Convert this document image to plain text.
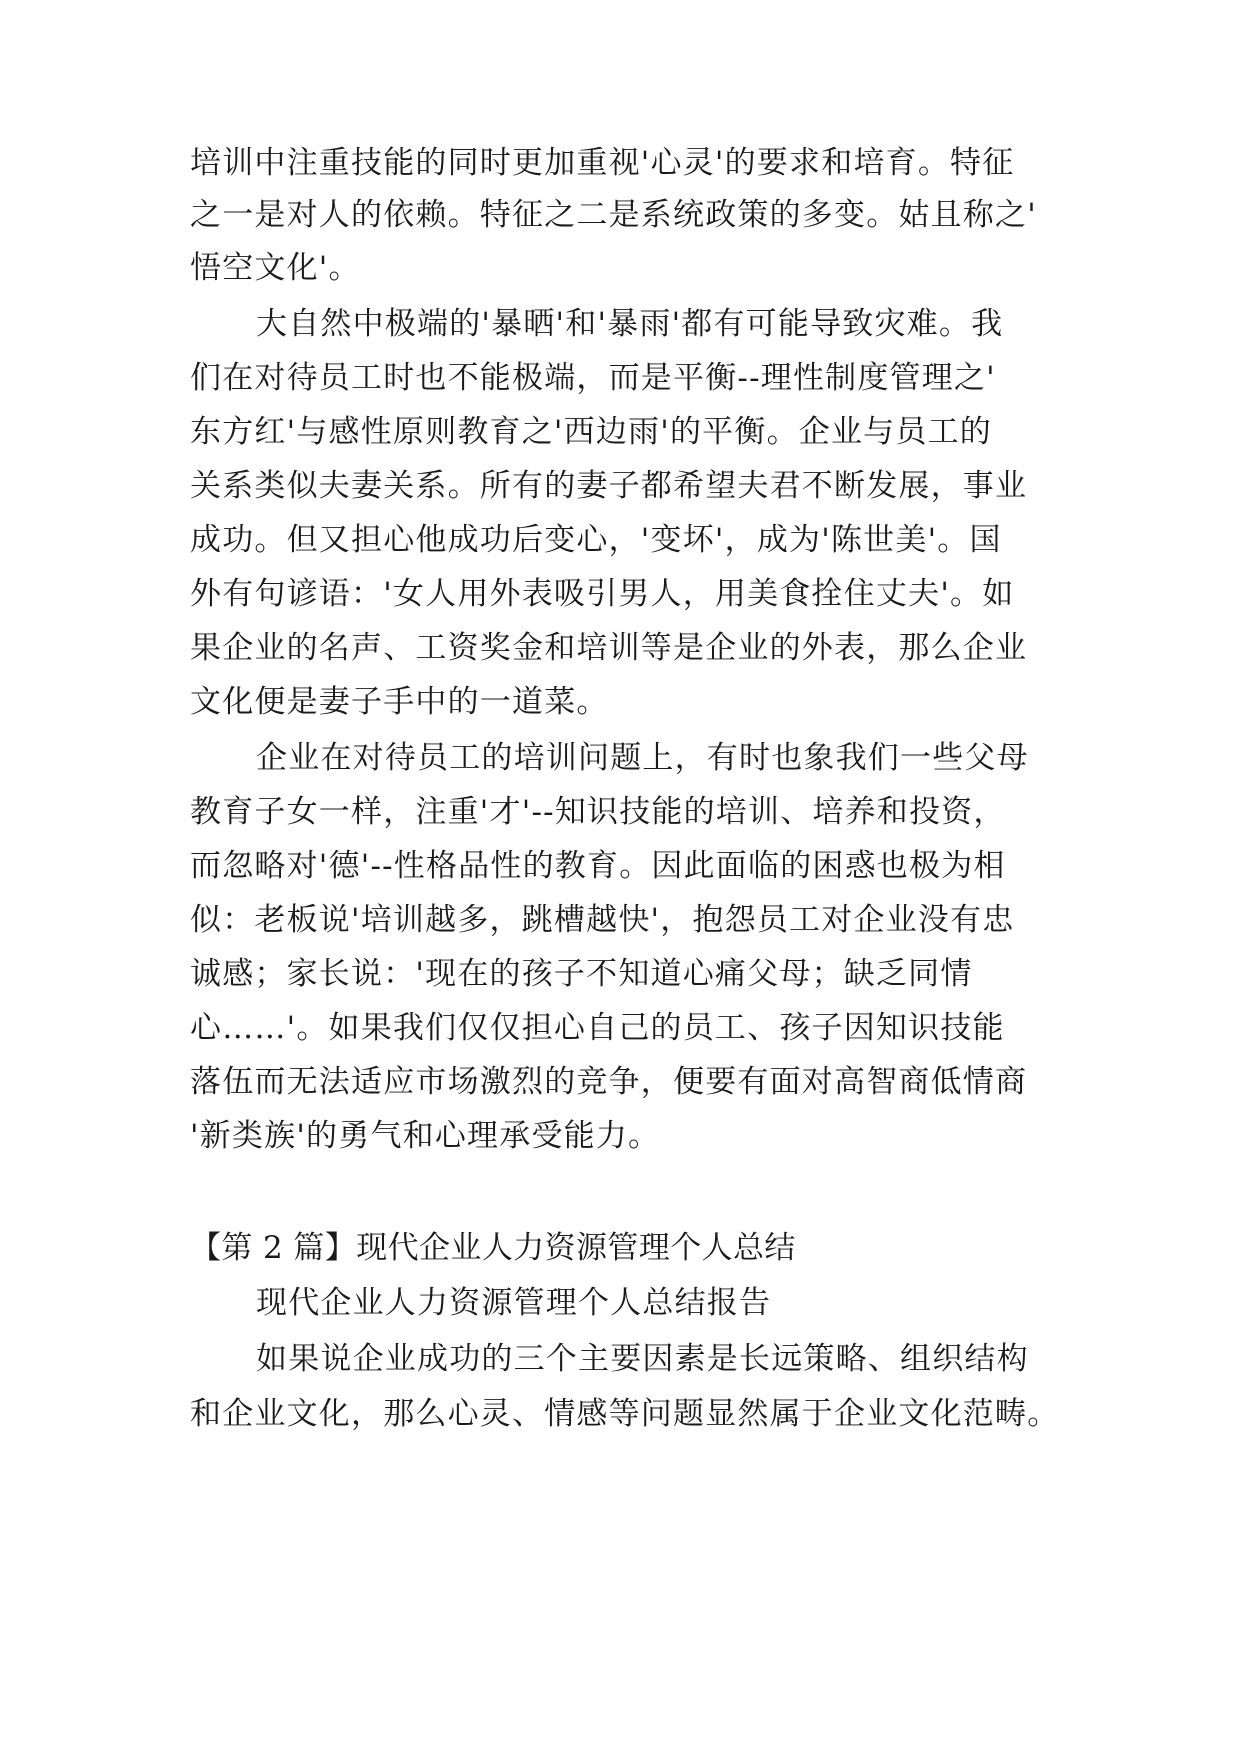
培训中注重技能的同时更加重视'心灵'的要求和培育。特征
之一是对人的依赖。特征之二是系统政策的多变。姑且称之'
悟空文化'。
大自然中极端的'暴晒'和'暴雨'都有可能导致灾难。我
们在对待员工时也不能极端，而是平衡--理性制度管理之'
东方红'与感性原则教育之'西边雨'的平衡。企业与员工的
关系类似夫妻关系。所有的妻子都希望夫君不断发展，事业
成功。但又担心他成功后变心，'变坏'，成为'陈世美'。国
外有句谚语：'女人用外表吸引男人，用美食拴住丈夫'。如
果企业的名声、工资奖金和培训等是企业的外表，那么企业
文化便是妻子手中的一道菜。
企业在对待员工的培训问题上，有时也象我们一些父母
教育子女一样，注重'才'--知识技能的培训、培养和投资，
而忽略对'德'--性格品性的教育。因此面临的困惑也极为相
似：老板说'培训越多，跳槽越快'，抱怨员工对企业没有忠
诚感；家长说：'现在的孩子不知道心痛父母；缺乏同情
心……'。如果我们仅仅担心自己的员工、孩子因知识技能
落伍而无法适应市场激烈的竞争，便要有面对高智商低情商
'新类族'的勇气和心理承受能力。
【第 2 篇】现代企业人力资源管理个人总结
现代企业人力资源管理个人总结报告
如果说企业成功的三个主要因素是长远策略、组织结构
和企业文化，那么心灵、情感等问题显然属于企业文化范畴。
